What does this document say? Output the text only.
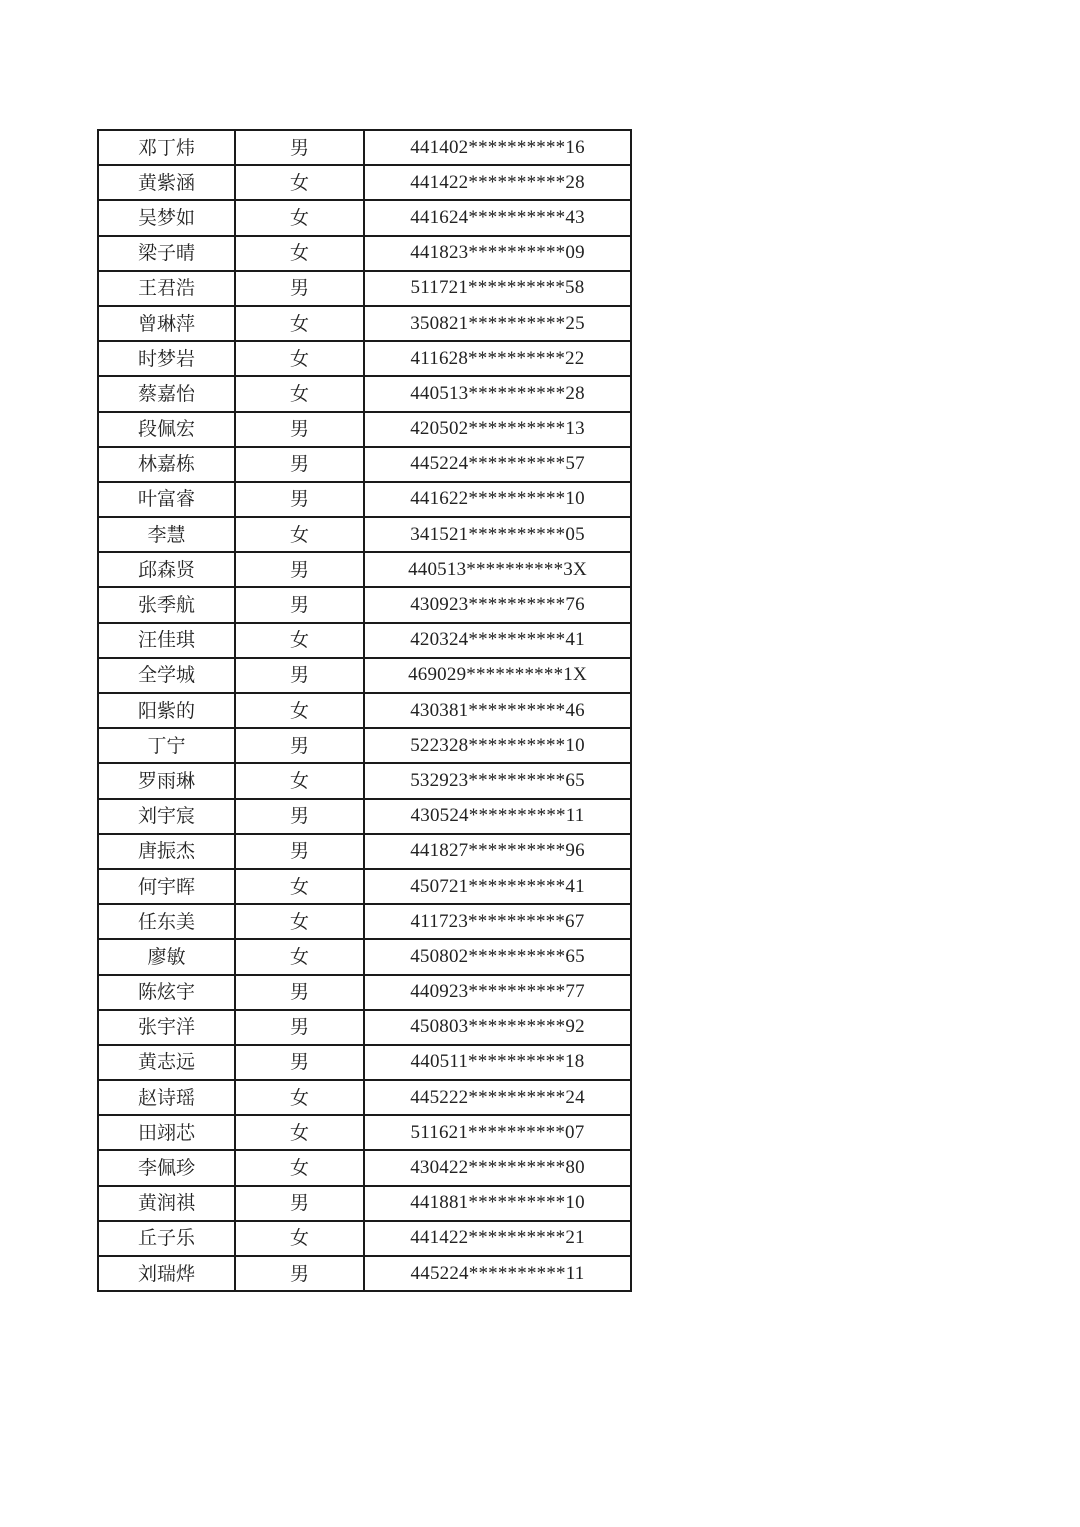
邓丁炜	男	441402**********16
黄紫涵	女	441422**********28
吴梦如	女	441624**********43
梁子晴	女	441823**********09
王君浩	男	511721**********58
曾琳萍	女	350821**********25
时梦岩	女	411628**********22
蔡嘉怡	女	440513**********28
段佩宏	男	420502**********13
林嘉栋	男	445224**********57
叶富睿	男	441622**********10
李慧	女	341521**********05
邱森贤	男	440513**********3X
张季航	男	430923**********76
汪佳琪	女	420324**********41
全学城	男	469029**********1X
阳紫的	女	430381**********46
丁宁	男	522328**********10
罗雨琳	女	532923**********65
刘宇宸	男	430524**********11
唐振杰	男	441827**********96
何宇晖	女	450721**********41
任东美	女	411723**********67
廖敏	女	450802**********65
陈炫宇	男	440923**********77
张宇洋	男	450803**********92
黄志远	男	440511**********18
赵诗瑶	女	445222**********24
田翊芯	女	511621**********07
李佩珍	女	430422**********80
黄润祺	男	441881**********10
丘子乐	女	441422**********21
刘瑞烨	男	445224**********11
